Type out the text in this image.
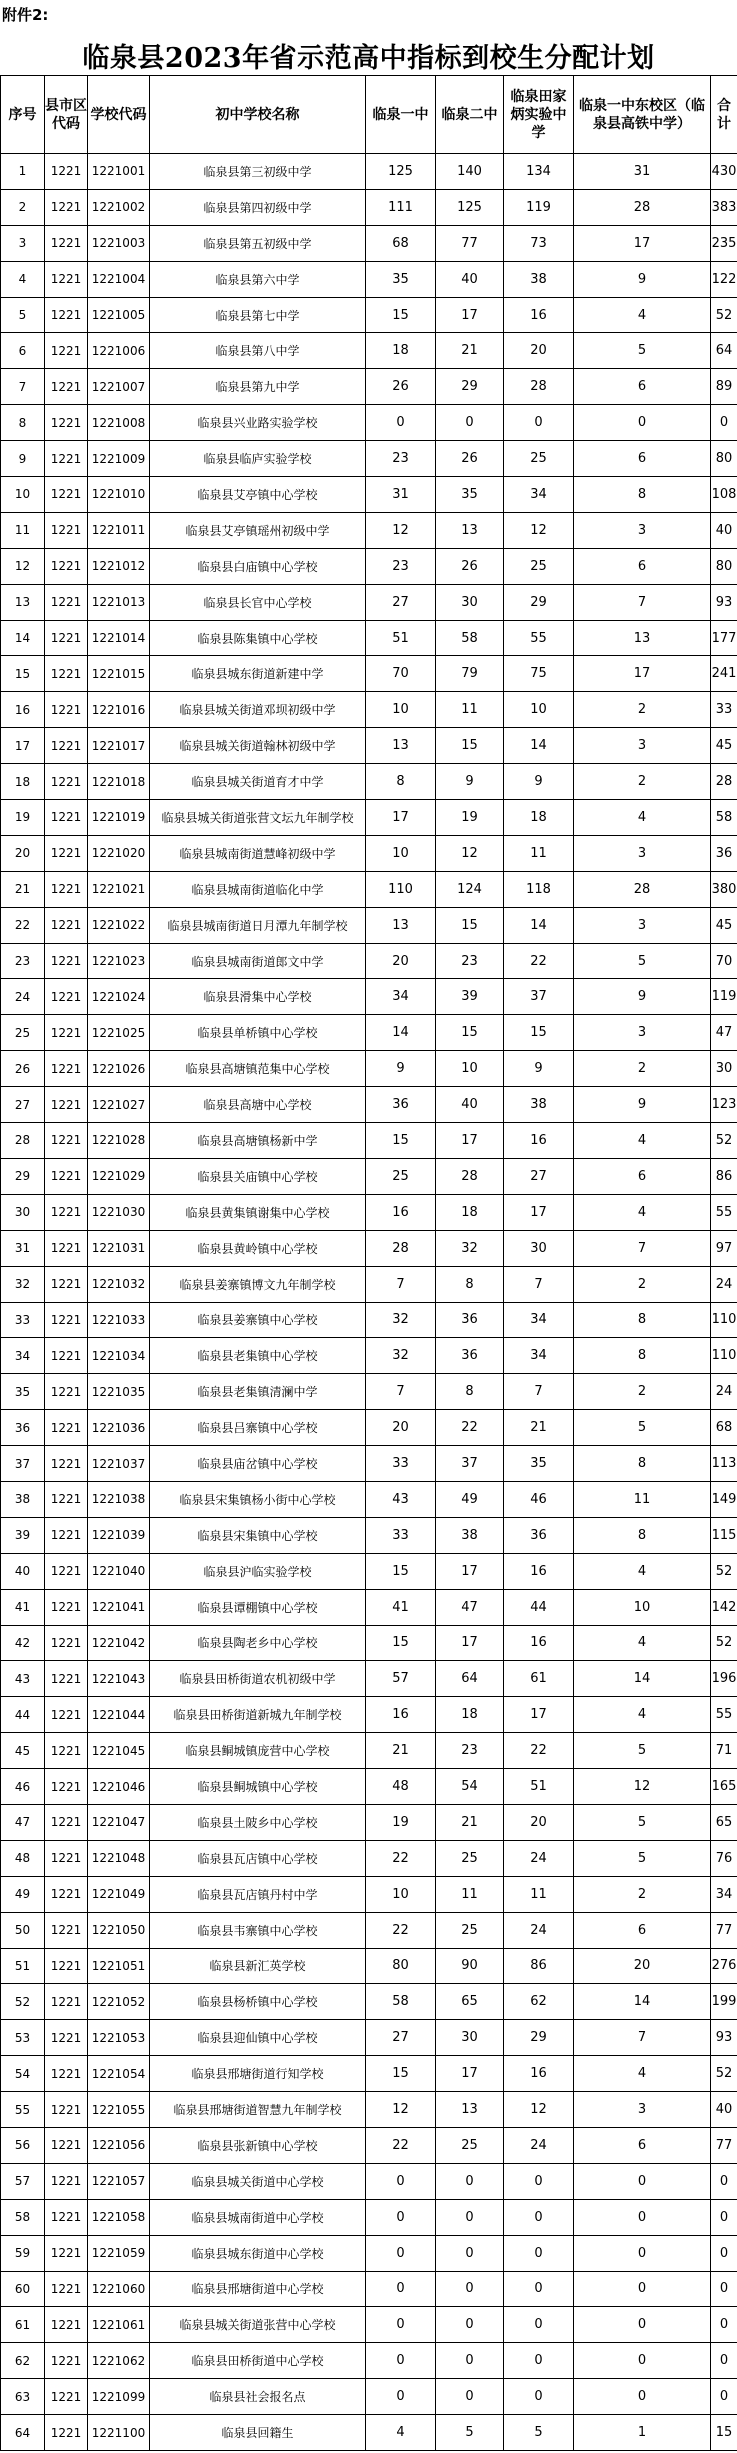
附件2:
临泉县2023年省示范高中指标到校生分配计划
序号	县市区代码	学校代码	初中学校名称	临泉一中	临泉二中	临泉田家炳实验中学	临泉一中东校区（临泉县高铁中学）	合计
1	1221	1221001	临泉县第三初级中学	125	140	134	31	430
2	1221	1221002	临泉县第四初级中学	111	125	119	28	383
3	1221	1221003	临泉县第五初级中学	68	77	73	17	235
4	1221	1221004	临泉县第六中学	35	40	38	9	122
5	1221	1221005	临泉县第七中学	15	17	16	4	52
6	1221	1221006	临泉县第八中学	18	21	20	5	64
7	1221	1221007	临泉县第九中学	26	29	28	6	89
8	1221	1221008	临泉县兴业路实验学校	0	0	0	0	0
9	1221	1221009	临泉县临庐实验学校	23	26	25	6	80
10	1221	1221010	临泉县艾亭镇中心学校	31	35	34	8	108
11	1221	1221011	临泉县艾亭镇瑶州初级中学	12	13	12	3	40
12	1221	1221012	临泉县白庙镇中心学校	23	26	25	6	80
13	1221	1221013	临泉县长官中心学校	27	30	29	7	93
14	1221	1221014	临泉县陈集镇中心学校	51	58	55	13	177
15	1221	1221015	临泉县城东街道新建中学	70	79	75	17	241
16	1221	1221016	临泉县城关街道邓坝初级中学	10	11	10	2	33
17	1221	1221017	临泉县城关街道翰林初级中学	13	15	14	3	45
18	1221	1221018	临泉县城关街道育才中学	8	9	9	2	28
19	1221	1221019	临泉县城关街道张营文坛九年制学校	17	19	18	4	58
20	1221	1221020	临泉县城南街道慧峰初级中学	10	12	11	3	36
21	1221	1221021	临泉县城南街道临化中学	110	124	118	28	380
22	1221	1221022	临泉县城南街道日月潭九年制学校	13	15	14	3	45
23	1221	1221023	临泉县城南街道郎文中学	20	23	22	5	70
24	1221	1221024	临泉县滑集中心学校	34	39	37	9	119
25	1221	1221025	临泉县单桥镇中心学校	14	15	15	3	47
26	1221	1221026	临泉县高塘镇范集中心学校	9	10	9	2	30
27	1221	1221027	临泉县高塘中心学校	36	40	38	9	123
28	1221	1221028	临泉县高塘镇杨新中学	15	17	16	4	52
29	1221	1221029	临泉县关庙镇中心学校	25	28	27	6	86
30	1221	1221030	临泉县黄集镇谢集中心学校	16	18	17	4	55
31	1221	1221031	临泉县黄岭镇中心学校	28	32	30	7	97
32	1221	1221032	临泉县姜寨镇博文九年制学校	7	8	7	2	24
33	1221	1221033	临泉县姜寨镇中心学校	32	36	34	8	110
34	1221	1221034	临泉县老集镇中心学校	32	36	34	8	110
35	1221	1221035	临泉县老集镇清澜中学	7	8	7	2	24
36	1221	1221036	临泉县吕寨镇中心学校	20	22	21	5	68
37	1221	1221037	临泉县庙岔镇中心学校	33	37	35	8	113
38	1221	1221038	临泉县宋集镇杨小街中心学校	43	49	46	11	149
39	1221	1221039	临泉县宋集镇中心学校	33	38	36	8	115
40	1221	1221040	临泉县沪临实验学校	15	17	16	4	52
41	1221	1221041	临泉县谭棚镇中心学校	41	47	44	10	142
42	1221	1221042	临泉县陶老乡中心学校	15	17	16	4	52
43	1221	1221043	临泉县田桥街道农机初级中学	57	64	61	14	196
44	1221	1221044	临泉县田桥街道新城九年制学校	16	18	17	4	55
45	1221	1221045	临泉县鲖城镇庞营中心学校	21	23	22	5	71
46	1221	1221046	临泉县鲖城镇中心学校	48	54	51	12	165
47	1221	1221047	临泉县土陂乡中心学校	19	21	20	5	65
48	1221	1221048	临泉县瓦店镇中心学校	22	25	24	5	76
49	1221	1221049	临泉县瓦店镇丹村中学	10	11	11	2	34
50	1221	1221050	临泉县韦寨镇中心学校	22	25	24	6	77
51	1221	1221051	临泉县新汇英学校	80	90	86	20	276
52	1221	1221052	临泉县杨桥镇中心学校	58	65	62	14	199
53	1221	1221053	临泉县迎仙镇中心学校	27	30	29	7	93
54	1221	1221054	临泉县邢塘街道行知学校	15	17	16	4	52
55	1221	1221055	临泉县邢塘街道智慧九年制学校	12	13	12	3	40
56	1221	1221056	临泉县张新镇中心学校	22	25	24	6	77
57	1221	1221057	临泉县城关街道中心学校	0	0	0	0	0
58	1221	1221058	临泉县城南街道中心学校	0	0	0	0	0
59	1221	1221059	临泉县城东街道中心学校	0	0	0	0	0
60	1221	1221060	临泉县邢塘街道中心学校	0	0	0	0	0
61	1221	1221061	临泉县城关街道张营中心学校	0	0	0	0	0
62	1221	1221062	临泉县田桥街道中心学校	0	0	0	0	0
63	1221	1221099	临泉县社会报名点	0	0	0	0	0
64	1221	1221100	临泉县回籍生	4	5	5	1	15
